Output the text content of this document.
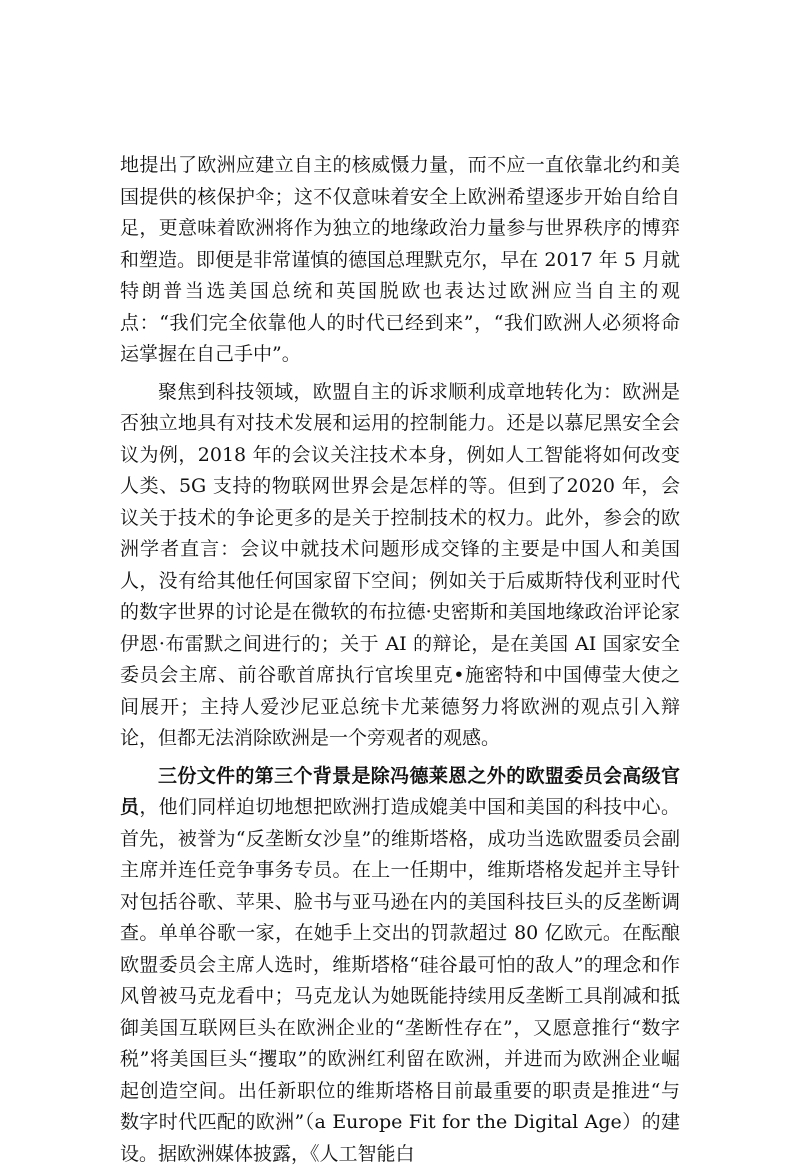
地提出了欧洲应建立自主的核威慑力量，而不应一直依靠北约和美国提供的核保护伞；这不仅意味着安全上欧洲希望逐步开始自给自足，更意味着欧洲将作为独立的地缘政治力量参与世界秩序的博弈和塑造。即便是非常谨慎的德国总理默克尔，早在 2017 年 5 月就特朗普当选美国总统和英国脱欧也表达过欧洲应当自主的观点：“我们完全依靠他人的时代已经到来”，“我们欧洲人必须将命运掌握在自己手中”。

聚焦到科技领域，欧盟自主的诉求顺利成章地转化为：欧洲是否独立地具有对技术发展和运用的控制能力。还是以慕尼黑安全会议为例，2018 年的会议关注技术本身，例如人工智能将如何改变人类、5G 支持的物联网世界会是怎样的等。但到了2020 年，会议关于技术的争论更多的是关于控制技术的权力。此外，参会的欧洲学者直言：会议中就技术问题形成交锋的主要是中国人和美国人，没有给其他任何国家留下空间；例如关于后威斯特伐利亚时代的数字世界的讨论是在微软的布拉德·史密斯和美国地缘政治评论家伊恩·布雷默之间进行的；关于 AI 的辩论，是在美国 AI 国家安全委员会主席、前谷歌首席执行官埃里克•施密特和中国傅莹大使之间展开；主持人爱沙尼亚总统卡尤莱德努力将欧洲的观点引入辩论，但都无法消除欧洲是一个旁观者的观感。

三份文件的第三个背景是除冯德莱恩之外的欧盟委员会高级官员，他们同样迫切地想把欧洲打造成媲美中国和美国的科技中心。首先，被誉为“反垄断女沙皇”的维斯塔格，成功当选欧盟委员会副主席并连任竞争事务专员。在上一任期中，维斯塔格发起并主导针对包括谷歌、苹果、脸书与亚马逊在内的美国科技巨头的反垄断调查。单单谷歌一家，在她手上交出的罚款超过 80 亿欧元。在酝酿欧盟委员会主席人选时，维斯塔格“硅谷最可怕的敌人”的理念和作风曾被马克龙看中；马克龙认为她既能持续用反垄断工具削减和抵御美国互联网巨头在欧洲企业的“垄断性存在”，又愿意推行“数字税”将美国巨头“攫取”的欧洲红利留在欧洲，并进而为欧洲企业崛起创造空间。出任新职位的维斯塔格目前最重要的职责是推进“与数字时代匹配的欧洲”（a Europe Fit for the Digital Age）的建设。据欧洲媒体披露，《人工智能白
